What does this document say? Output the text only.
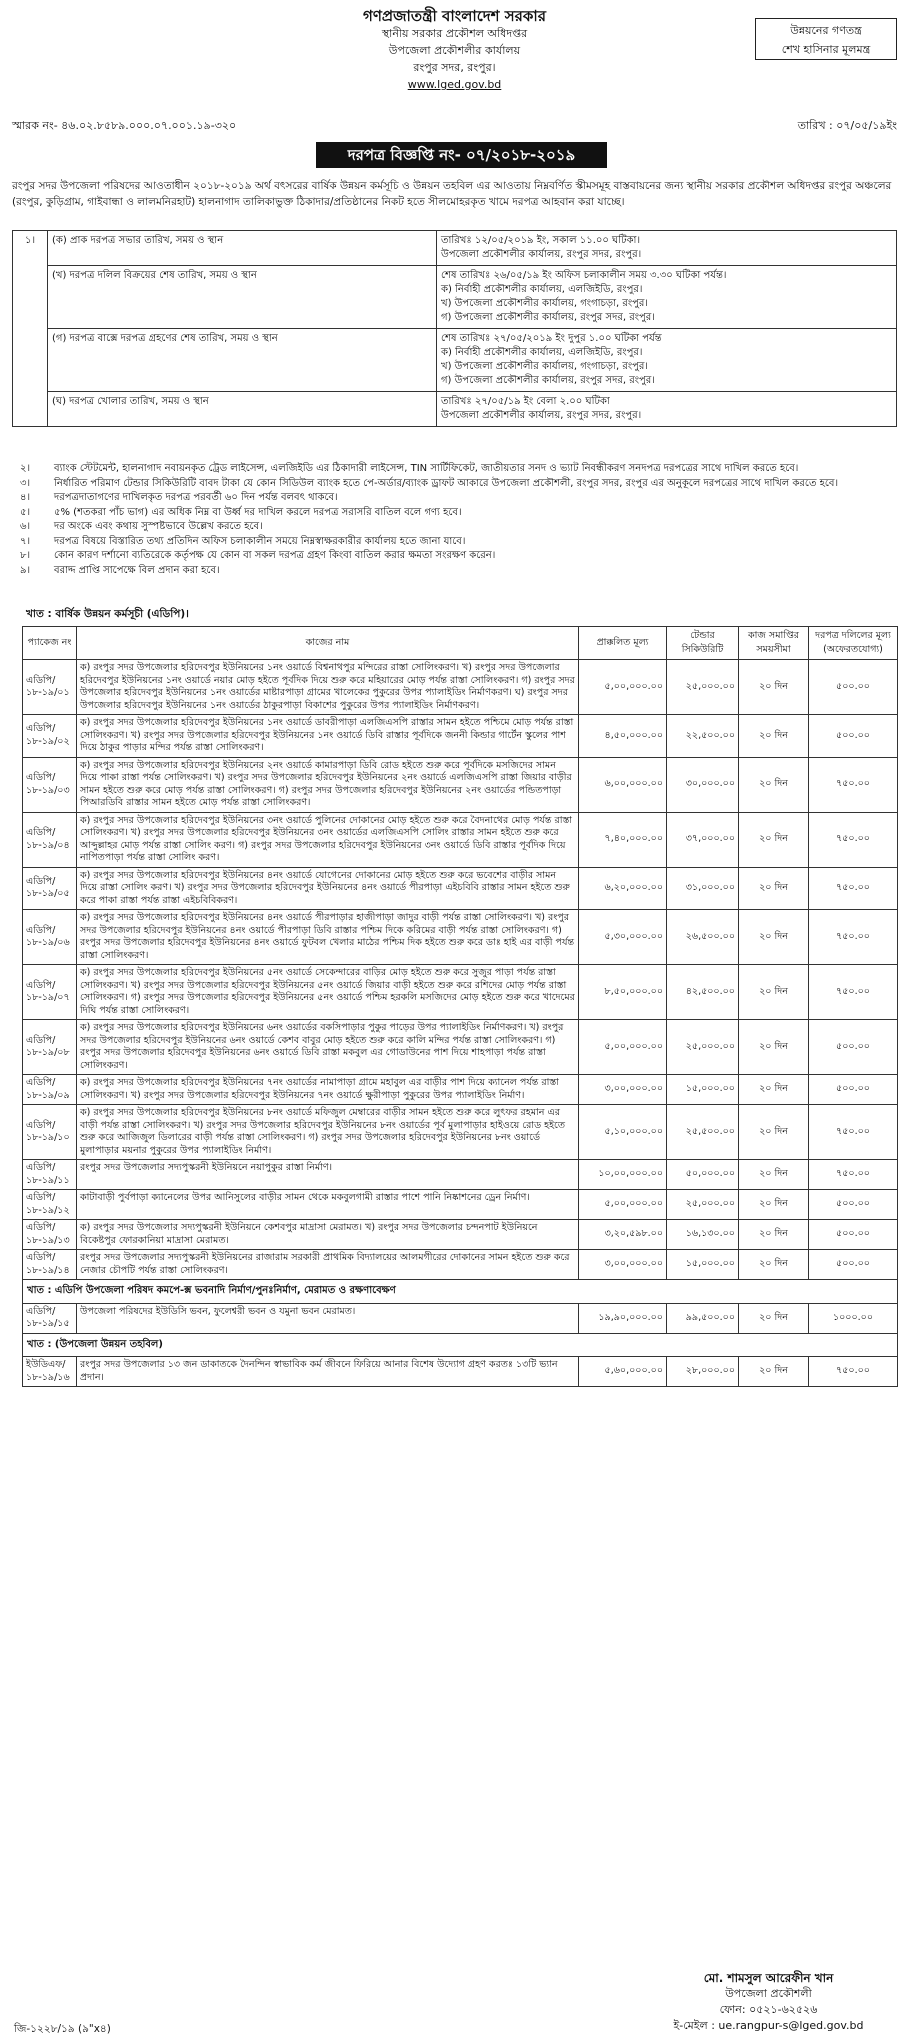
গণপ্রজাতন্ত্রী বাংলাদেশ সরকার
স্থানীয় সরকার প্রকৌশল অধিদপ্তর
উপজেলা প্রকৌশলীর কার্যালয়
রংপুর সদর, রংপুর।
www.lged.gov.bd
উন্নয়নের গণতন্ত্র
শেখ হাসিনার মূলমন্ত্র
স্মারক নং- ৪৬.০২.৮৫৮৯.০০০.০৭.০০১.১৯-৩২০	তারিখ : ০৭/০৫/১৯ইং
দরপত্র বিজ্ঞপ্তি নং- ০৭/২০১৮-২০১৯
রংপুর সদর উপজেলা পরিষদের আওতাধীন ২০১৮-২০১৯ অর্থ বৎসরের বার্ষিক উন্নয়ন কর্মসূচি ও উন্নয়ন তহবিল এর আওতায় নিম্নবর্ণিত স্কীমসমূহ বাস্তবায়নের জন্য স্থানীয় সরকার প্রকৌশল অধিদপ্তর রংপুর অঞ্চলের (রংপুর, কুড়িগ্রাম, গাইবান্ধা ও লালমনিরহাট) হালনাগাদ তালিকাভুক্ত ঠিকাদার/প্রতিষ্ঠানের নিকট হতে সীলমোহরকৃত খামে দরপত্র আহবান করা যাচ্ছে।
১।	(ক) প্রাক দরপত্র সভার তারিখ, সময় ও স্থান	তারিখঃ ১২/০৫/২০১৯ ইং, সকাল ১১.০০ ঘটিকা।
উপজেলা প্রকৌশলীর কার্যালয়, রংপুর সদর, রংপুর।

	(খ) দরপত্র দলিল বিক্রয়ের শেষ তারিখ, সময় ও স্থান	শেষ তারিখঃ ২৬/০৫/১৯ ইং অফিস চলাকালীন সময় ৩.৩০ ঘটিকা পর্যন্ত।
ক) নির্বাহী প্রকৌশলীর কার্যালয়, এলজিইডি, রংপুর।
খ) উপজেলা প্রকৌশলীর কার্যালয়, গংগাচড়া, রংপুর।
গ) উপজেলা প্রকৌশলীর কার্যালয়, রংপুর সদর, রংপুর।

	(গ) দরপত্র বাক্সে দরপত্র গ্রহণের শেষ তারিখ, সময় ও স্থান	শেষ তারিখঃ ২৭/০৫/২০১৯ ইং দুপুর ১.০০ ঘটিকা পর্যন্ত
ক) নির্বাহী প্রকৌশলীর কার্যালয়, এলজিইডি, রংপুর।
খ) উপজেলা প্রকৌশলীর কার্যালয়, গংগাচড়া, রংপুর।
গ) উপজেলা প্রকৌশলীর কার্যালয়, রংপুর সদর, রংপুর।

	(ঘ) দরপত্র খোলার তারিখ, সময় ও স্থান	তারিখঃ ২৭/০৫/১৯ ইং বেলা ২.০০ ঘটিকা
উপজেলা প্রকৌশলীর কার্যালয়, রংপুর সদর, রংপুর।
২।	ব্যাংক স্টেটমেন্ট, হালনাগাদ নবায়নকৃত ট্রেড লাইসেন্স, এলজিইডি এর ঠিকাদারী লাইসেন্স, TIN সার্টিফিকেট, জাতীয়তার সনদ ও ভ্যাট নিবন্ধীকরণ সনদপত্র দরপত্রের সাথে দাখিল করতে হবে।
৩।	নির্ধারিত পরিমাণ টেন্ডার সিকিউরিটি বাবদ টাকা যে কোন সিডিউল ব্যাংক হতে পে-অর্ডার/ব্যাংক ড্রাফট আকারে উপজেলা প্রকৌশলী, রংপুর সদর, রংপুর এর অনুকূলে দরপত্রের সাথে দাখিল করতে হবে।
৪।	দরপত্রদাতাগণের দাখিলকৃত দরপত্র পরবর্তী ৬০ দিন পর্যন্ত বলবৎ থাকবে।
৫।	৫% (শতকরা পাঁচ ভাগ) এর অধিক নিম্ন বা উর্ধ্ব দর দাখিল করলে দরপত্র সরাসরি বাতিল বলে গণ্য হবে।
৬।	দর অংকে এবং কথায় সুস্পষ্টভাবে উল্লেখ করতে হবে।
৭।	দরপত্র বিষয়ে বিস্তারিত তথ্য প্রতিদিন অফিস চলাকালীন সময়ে নিম্নস্বাক্ষরকারীর কার্যালয় হতে জানা যাবে।
৮।	কোন কারণ দর্শানো ব্যতিরেকে কর্তৃপক্ষ যে কোন বা সকল দরপত্র গ্রহণ কিংবা বাতিল করার ক্ষমতা সংরক্ষণ করেন।
৯।	বরাদ্দ প্রাপ্তি সাপেক্ষে বিল প্রদান করা হবে।
খাত : বার্ষিক উন্নয়ন কর্মসূচী (এডিপি)।
প্যাকেজ নং	কাজের নাম	প্রাক্কলিত মূল্য	টেন্ডার সিকিউরিটি	কাজ সমাপ্তির সময়সীমা	দরপত্র দলিলের মূল্য
(অফেরতযোগ্য)
এডিপি/১৮-১৯/০১	ক) রংপুর সদর উপজেলার হরিদেবপুর ইউনিয়নের ১নং ওয়ার্ডে বিশ্বনাথপুর মন্দিরের রাস্তা সোলিংকরণ। খ) রংপুর সদর উপজেলার হরিদেবপুর ইউনিয়নের ১নং ওয়ার্ডে নয়ার মোড় হইতে পূর্বদিক দিয়ে শুরু করে মহিয়ারের মোড় পর্যন্ত রাস্তা সোলিংকরণ। গ) রংপুর সদর উপজেলার হরিদেবপুর ইউনিয়নের ১নং ওয়ার্ডের মাষ্টারপাড়া গ্রামের খালেকের পুকুরের উপর প্যালাইডিং নির্মাণকরণ। ঘ) রংপুর সদর উপজেলার হরিদেবপুর ইউনিয়নের ১নং ওয়ার্ডের ঠাকুরপাড়া বিকাশের পুকুরের উপর প্যালাইডিং নির্মাণকরণ।	৫,০০,০০০.০০	২৫,০০০.০০	২০ দিন	৫০০.০০
এডিপি/১৮-১৯/০২	ক) রংপুর সদর উপজেলার হরিদেবপুর ইউনিয়নের ১নং ওয়ার্ডে ডাবরীপাড়া এলজিএসপি রাস্তার সামন হইতে পশ্চিমে মোড় পর্যন্ত রাস্তা সোলিংকরণ। খ) রংপুর সদর উপজেলার হরিদেবপুর ইউনিয়নের ১নং ওয়ার্ডে ডিবি রাস্তার পূর্বদিকে জননী কিন্ডার গার্টেন স্কুলের পাশ দিয়ে ঠাকুর পাড়ার মন্দির পর্যন্ত রাস্তা সোলিংকরণ।	৪,৫০,০০০.০০	২২,৫০০.০০	২০ দিন	৫০০.০০
এডিপি/১৮-১৯/০৩	ক) রংপুর সদর উপজেলার হরিদেবপুর ইউনিয়নের ২নং ওয়ার্ডে কামারপাড়া ডিবি রোড হইতে শুরু করে পূর্বদিকে মসজিদের সামন দিয়ে পাকা রাস্তা পর্যন্ত সোলিংকরণ। খ) রংপুর সদর উপজেলার হরিদেবপুর ইউনিয়নের ২নং ওয়ার্ডে এলজিএসপি রাস্তা জিয়ার বাড়ীর সামন হইতে শুরু করে মোড় পর্যন্ত রাস্তা সোলিংকরণ। গ) রংপুর সদর উপজেলার হরিদেবপুর ইউনিয়নের ২নং ওয়ার্ডের পন্ডিতপাড়া পিআরডিবি রাস্তার সামন হইতে মোড় পর্যন্ত রাস্তা সোলিংকরণ।	৬,০০,০০০.০০	৩০,০০০.০০	২০ দিন	৭৫০.০০
এডিপি/১৮-১৯/০৪	ক) রংপুর সদর উপজেলার হরিদেবপুর ইউনিয়নের ৩নং ওয়ার্ডে পুলিনের দোকানের মোড় হইতে শুরু করে বৈদনাথের মোড় পর্যন্ত রাস্তা সোলিংকরণ। খ) রংপুর সদর উপজেলার হরিদেবপুর ইউনিয়নের ৩নং ওয়ার্ডের এলজিএসপি সোলিং রাস্তার সামন হইতে শুরু করে আব্দুল্লাহর মোড় পর্যন্ত রাস্তা সোলিং করণ। গ) রংপুর সদর উপজেলার হরিদেবপুর ইউনিয়নের ৩নং ওয়ার্ডে ডিবি রাস্তার পূর্বদিক দিয়ে নাপিতপাড়া পর্যন্ত রাস্তা সোলিং করণ।	৭,৪০,০০০.০০	৩৭,০০০.০০	২০ দিন	৭৫০.০০
এডিপি/১৮-১৯/০৫	ক) রংপুর সদর উপজেলার হরিদেবপুর ইউনিয়নের ৪নং ওয়ার্ডে যোগেনের দোকানের মোড় হইতে শুরু করে ভবেশের বাড়ীর সামন দিয়ে রাস্তা সোলিং করণ। খ) রংপুর সদর উপজেলার হরিদেবপুর ইউনিয়নের ৪নং ওয়ার্ডে পীরপাড়া এইচবিবি রাস্তার সামন হইতে শুরু করে পাকা রাস্তা পর্যন্ত রাস্তা এইচবিবিকরণ।	৬,২০,০০০.০০	৩১,০০০.০০	২০ দিন	৭৫০.০০
এডিপি/১৮-১৯/০৬	ক) রংপুর সদর উপজেলার হরিদেবপুর ইউনিয়নের ৪নং ওয়ার্ডে পীরপাড়ার হাজীপাড়া জাদুর বাড়ী পর্যন্ত রাস্তা সোলিংকরণ। খ) রংপুর সদর উপজেলার হরিদেবপুর ইউনিয়নের ৪নং ওয়ার্ডে পীরপাড়া ডিবি রাস্তার পশ্চিম দিকে করিমের বাড়ী পর্যন্ত রাস্তা সোলিংকরণ। গ) রংপুর সদর উপজেলার হরিদেবপুর ইউনিয়নের ৪নং ওয়ার্ডে ফুটবল খেলার মাঠের পশ্চিম দিক হইতে শুরু করে ডাঃ হাই এর বাড়ী পর্যন্ত রাস্তা সোলিংকরণ।	৫,৩০,০০০.০০	২৬,৫০০.০০	২০ দিন	৭৫০.০০
এডিপি/১৮-১৯/০৭	ক) রংপুর সদর উপজেলার হরিদেবপুর ইউনিয়নের ৫নং ওয়ার্ডে সেকেন্দারের বাড়ির মোড় হইতে শুরু করে সুজুর পাড়া পর্যন্ত রাস্তা সোলিংকরণ। খ) রংপুর সদর উপজেলার হরিদেবপুর ইউনিয়নের ৫নং ওয়ার্ডে জিয়ার বাড়ী হইতে শুরু করে রশিদের মোড় পর্যন্ত রাস্তা সোলিংকরণ। গ) রংপুর সদর উপজেলার হরিদেবপুর ইউনিয়নের ৫নং ওয়ার্ডে পশ্চিম হরকলি মসজিদের মোড় হইতে শুরু করে খাদেমের দিঘি পর্যন্ত রাস্তা সোলিংকরণ।	৮,৫০,০০০.০০	৪২,৫০০.০০	২০ দিন	৭৫০.০০
এডিপি/১৮-১৯/০৮	ক) রংপুর সদর উপজেলার হরিদেবপুর ইউনিয়নের ৬নং ওয়ার্ডের বকসিপাড়ার পুকুর পাড়ের উপর প্যালাইডিং নির্মাণকরণ। খ) রংপুর সদর উপজেলার হরিদেবপুর ইউনিয়নের ৬নং ওয়ার্ডে কেশব বাবুর মোড় হইতে শুরু করে কালি মন্দির পর্যন্ত রাস্তা সোলিংকরণ। গ) রংপুর সদর উপজেলার হরিদেবপুর ইউনিয়নের ৬নং ওয়ার্ডে ডিবি রাস্তা মকবুল এর গোডাউনের পাশ দিয়ে শাহপাড়া পর্যন্ত রাস্তা সোলিংকরণ।	৫,০০,০০০.০০	২৫,০০০.০০	২০ দিন	৫০০.০০
এডিপি/১৮-১৯/০৯	ক) রংপুর সদর উপজেলার হরিদেবপুর ইউনিয়নের ৭নং ওয়ার্ডের নামাপাড়া গ্রামে মহাবুল এর বাড়ীর পাশ দিয়ে ক্যানেল পর্যন্ত রাস্তা সোলিংকরণ। খ) রংপুর সদর উপজেলার হরিদেবপুর ইউনিয়নের ৭নং ওয়ার্ডে ক্ষুরীপাড়া পুকুরের উপর প্যালাইডিং নির্মাণ।	৩,০০,০০০.০০	১৫,০০০.০০	২০ দিন	৫০০.০০
এডিপি/১৮-১৯/১০	ক) রংপুর সদর উপজেলার হরিদেবপুর ইউনিয়নের ৮নং ওয়ার্ডে মফিজুল মেম্বারের বাড়ীর সামন হইতে শুরু করে লুৎফর রহমান এর বাড়ী পর্যন্ত রাস্তা সোলিংকরণ। খ) রংপুর সদর উপজেলার হরিদেবপুর ইউনিয়নের ৮নং ওয়ার্ডের পূর্ব মুলাপাড়ার হাইওয়ে রোড হইতে শুরু করে আজিজুল ডিলারের বাড়ী পর্যন্ত রাস্তা সোলিংকরণ। গ) রংপুর সদর উপজেলার হরিদেবপুর ইউনিয়নের ৮নং ওয়ার্ডে মুলাপাড়ার ময়নার পুকুরের উপর প্যালাইডিং নির্মাণ।	৫,১০,০০০.০০	২৫,৫০০.০০	২০ দিন	৭৫০.০০
এডিপি/১৮-১৯/১১	রংপুর সদর উপজেলার সদ্যপুস্করনী ইউনিয়নে নয়াপুকুর রাস্তা নির্মাণ।	১০,০০,০০০.০০	৫০,০০০.০০	২০ দিন	৭৫০.০০
এডিপি/১৮-১৯/১২	কাটাবাড়ী পুর্বপাড়া ক্যানেলের উপর আনিসুলের বাড়ীর সামন থেকে মকবুলগামী রাস্তার পাশে পানি নিষ্কাশনের ড্রেন নির্মাণ।	৫,০০,০০০.০০	২৫,০০০.০০	২০ দিন	৫০০.০০
এডিপি/১৮-১৯/১৩	ক) রংপুর সদর উপজেলার সদ্যপুস্করনী ইউনিয়নে কেশবপুর মাদ্রাসা মেরামত। খ) রংপুর সদর উপজেলার চন্দনপাট ইউনিয়নে বিকেষ্টপুর ফোরকানিয়া মাদ্রাসা মেরামত।	৩,২০,৫৯৮.০০	১৬,১৩০.০০	২০ দিন	৫০০.০০
এডিপি/১৮-১৯/১৪	রংপুর সদর উপজেলার সদ্যপুস্করনী ইউনিয়নের রাজারাম সরকারী প্রাথমিক বিদ্যালয়ের আলমগীরের দোকানের সামন হইতে শুরু করে নেজার চৌপটি পর্যন্ত রাস্তা সোলিংকরণ।	৩,০০,০০০.০০	১৫,০০০.০০	২০ দিন	৫০০.০০
খাত : এডিপি উপজেলা পরিষদ কমপে-ক্স ভবনাদি নির্মাণ/পুনঃনির্মাণ, মেরামত ও রক্ষণাবেক্ষণ					
এডিপি/১৮-১৯/১৫	উপজেলা পরিষদের ইউডিসি ভবন, ফুলেশ্বরী ভবন ও যমুনা ভবন মেরামত।	১৯,৯০,০০০.০০	৯৯,৫০০.০০	২০ দিন	১০০০.০০
খাত : (উপজেলা উন্নয়ন তহবিল)					
ইউডিএফ/১৮-১৯/১৬	রংপুর সদর উপজেলার ১৩ জন ডাকাতকে দৈনন্দিন স্বাভাবিক কর্ম জীবনে ফিরিয়ে আনার বিশেষ উদ্যোগ গ্রহণ করতঃ ১৩টি ভ্যান প্রদান।	৫,৬০,০০০.০০	২৮,০০০.০০	২০ দিন	৭৫০.০০
মো. শামসুল আরেফীন খান
উপজেলা প্রকৌশলী
ফোন: ০৫২১-৬২৫২৬
ই-মেইল : ue.rangpur-s@lged.gov.bd
জি-১২২৮/১৯ (৯"x৪)
